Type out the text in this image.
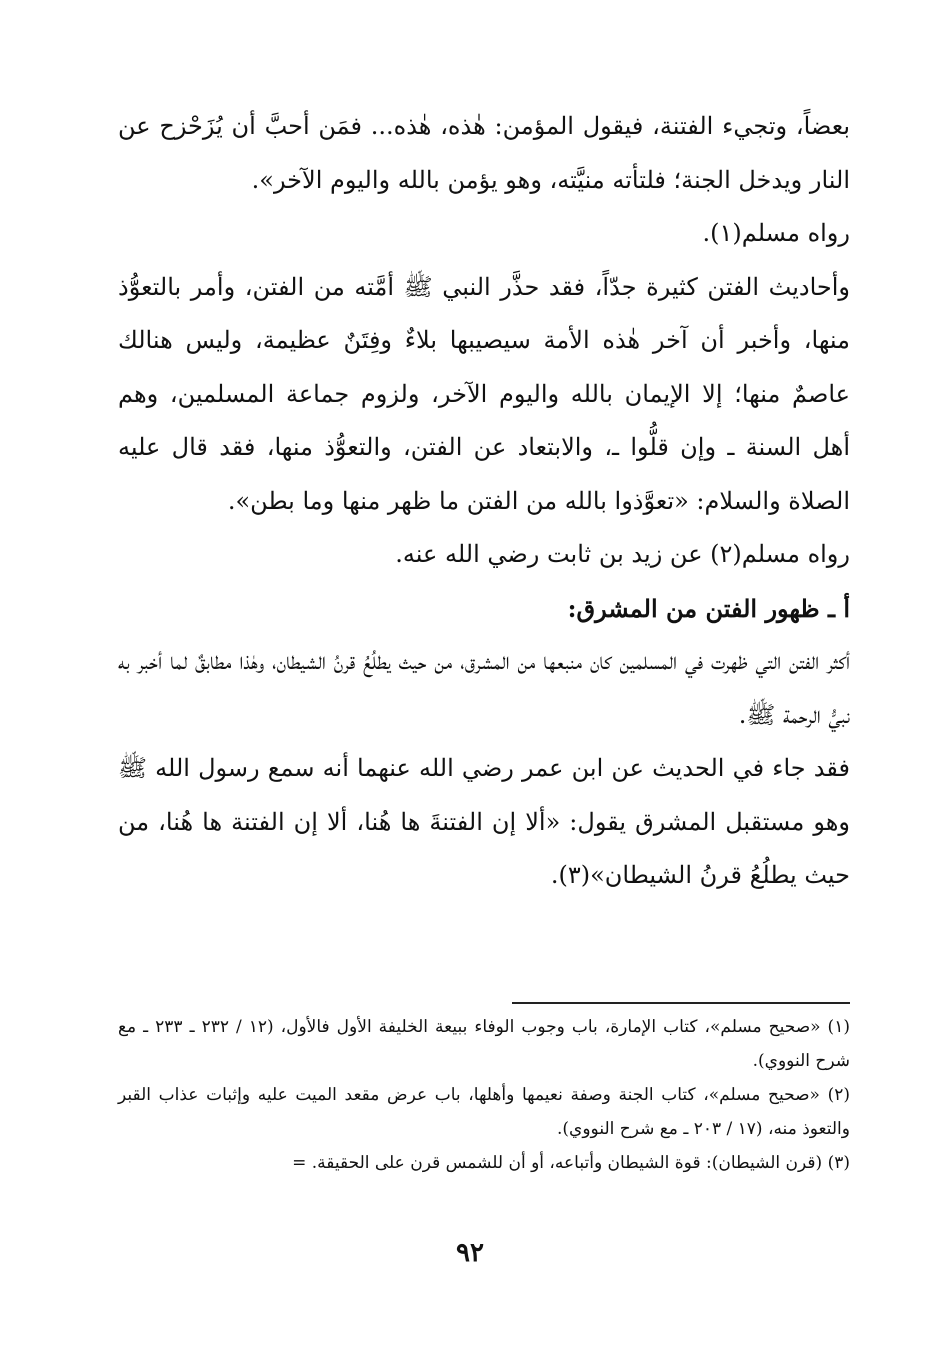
بعضاً، وتجيء الفتنة، فيقول المؤمن: هٰذه، هٰذه... فمَن أحبَّ أن يُزَحْزح عن النار ويدخل الجنة؛ فلتأته منيَّته، وهو يؤمن بالله واليوم الآخر».

رواه مسلم(١).

وأحاديث الفتن كثيرة جدّاً، فقد حذَّر النبي ﷺ أمَّته من الفتن، وأمر بالتعوُّذ منها، وأخبر أن آخر هٰذه الأمة سيصيبها بلاءٌ وفِتَنٌ عظيمة، وليس هنالك عاصمٌ منها؛ إلا الإيمان بالله واليوم الآخر، ولزوم جماعة المسلمين، وهم أهل السنة ـ وإن قلُّوا ـ، والابتعاد عن الفتن، والتعوُّذ منها، فقد قال عليه الصلاة والسلام: «تعوَّذوا بالله من الفتن ما ظهر منها وما بطن».

رواه مسلم(٢) عن زيد بن ثابت رضي الله عنه.

أ ـ ظهور الفتن من المشرق:

أكثر الفتن التي ظهرت في المسلمين كان منبعها من المشرق، من حيث يطلُعُ قرنُ الشيطان، وهٰذا مطابقٌ لما أخبر به نبيُّ الرحمة ﷺ.

فقد جاء في الحديث عن ابن عمر رضي الله عنهما أنه سمع رسول الله ﷺ وهو مستقبل المشرق يقول: «ألا إن الفتنةَ ها هُنا، ألا إن الفتنة ها هُنا، من حيث يطلُعُ قرنُ الشيطان»(٣).

(١) «صحيح مسلم»، كتاب الإمارة، باب وجوب الوفاء ببيعة الخليفة الأول فالأول، (١٢ / ٢٣٢ ـ ٢٣٣ ـ مع شرح النووي).

(٢) «صحيح مسلم»، كتاب الجنة وصفة نعيمها وأهلها، باب عرض مقعد الميت عليه وإثبات عذاب القبر والتعوذ منه، (١٧ / ٢٠٣ ـ مع شرح النووي).

(٣) (قرن الشيطان): قوة الشيطان وأتباعه، أو أن للشمس قرن على الحقيقة. =

٩٢
